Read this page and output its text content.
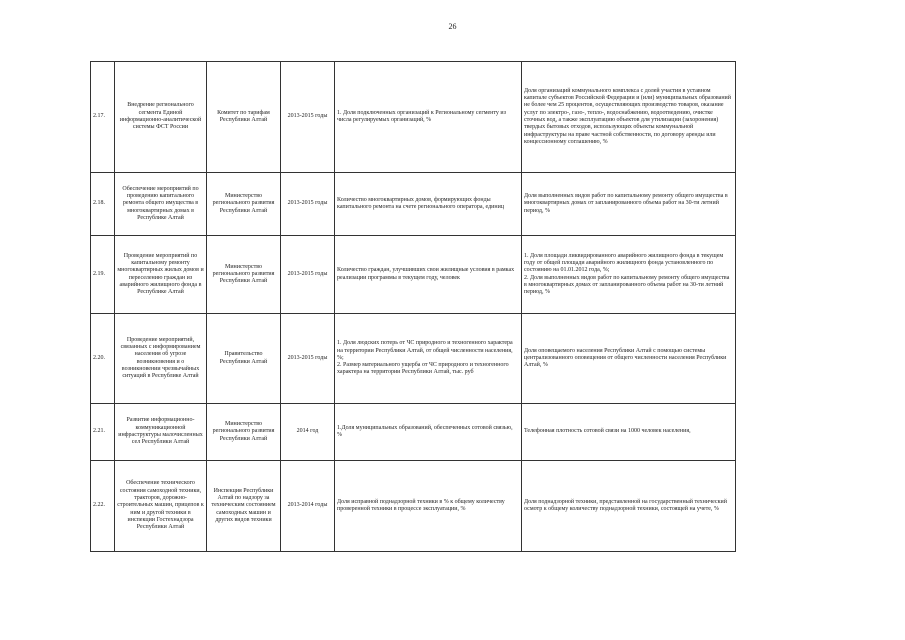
26
2.17.	Внедрение регионального сегмента Единой информационно-аналитической системы ФСТ России	Комитет по тарифам Республики Алтай	2013-2015 годы	1. Доля подключенных организаций к Региональному сегменту из числа регулируемых организаций, %	Доля организаций коммунального комплекса с долей участия в уставном капитале субъектов Российской Федерации и (или) муниципальных образований не более чем 25 процентов, осуществляющих производство товаров, оказание услуг по электро-, газо-, тепло-, водоснабжению, водоотведению, очистке сточных вод, а также эксплуатацию объектов для утилизации (захоронения) твердых бытовых отходов, использующих объекты коммунальной инфраструктуры на праве частной собственности, по договору аренды или концессионному соглашению, %
2.18.	Обеспечение мероприятий по проведению капитального ремонта общего имущества в многоквартирных домах в Республике Алтай	Министерство регионального развития Республики Алтай	2013-2015 годы	Количество многоквартирных домов, формирующих фонды капитального ремонта на счете регионального оператора, единиц	Доля выполненных видов работ по капитальному ремонту общего имущества в многоквартирных домах от запланированного объема работ на 30-ти летний период, %
2.19.	Проведение мероприятий по капитальному ремонту многоквартирных жилых домов и переселению граждан из аварийного жилищного фонда в Республике Алтай	Министерство регионального развития Республики Алтай	2013-2015 годы	Количество граждан, улучшивших свои жилищные условия в рамках реализации программы в текущем году, человек	1. Доля площади ликвидированного аварийного жилищного фонда в текущем году от общей площади аварийного жилищного фонда установленного по состоянию на 01.01.2012 года, %;
2. Доля выполненных видов работ по капитальному ремонту общего имущества в многоквартирных домах от запланированного объема работ на 30-ти летний период, %
2.20.	Проведение мероприятий, связанных с информированием населения об угрозе возникновения и о возникновении чрезвычайных ситуаций в Республике Алтай	Правительство Республики Алтай	2013-2015 годы	1. Доля людских потерь от ЧС природного и техногенного характера на территории Республики Алтай, от общей численности населения, %;
2. Размер материального ущерба от ЧС природного и техногенного характера на территории Республики Алтай, тыс. руб	Доля оповещаемого населения Республики Алтай с помощью системы централизованного оповещения от общего численности населения Республики Алтай, %
2.21.	Развитие информационно-коммуникационной инфраструктуры малочисленных сел Республики Алтай	Министерство регионального развития Республики Алтай	2014 год	1.Доля муниципальных образований, обеспеченных сотовой связью, %	Телефонная плотность сотовой связи на 1000 человек населения,
2.22.	Обеспечение технического состояния самоходной техники, тракторов, дорожно-строительных машин, прицепов к ним и другой техники в инспекции Гостехнадзора Республики Алтай	Инспекция Республики Алтай по надзору за техническим состоянием самоходных машин и других видов техники	2013-2014 годы	Доля исправной поднадзорной техники в % к общему количеству проверенной техники в процессе эксплуатации, %	Доля поднадзорной техники, представленной на государственный технический осмотр к общему количеству поднадзорной техники, состоящей на учете, %
